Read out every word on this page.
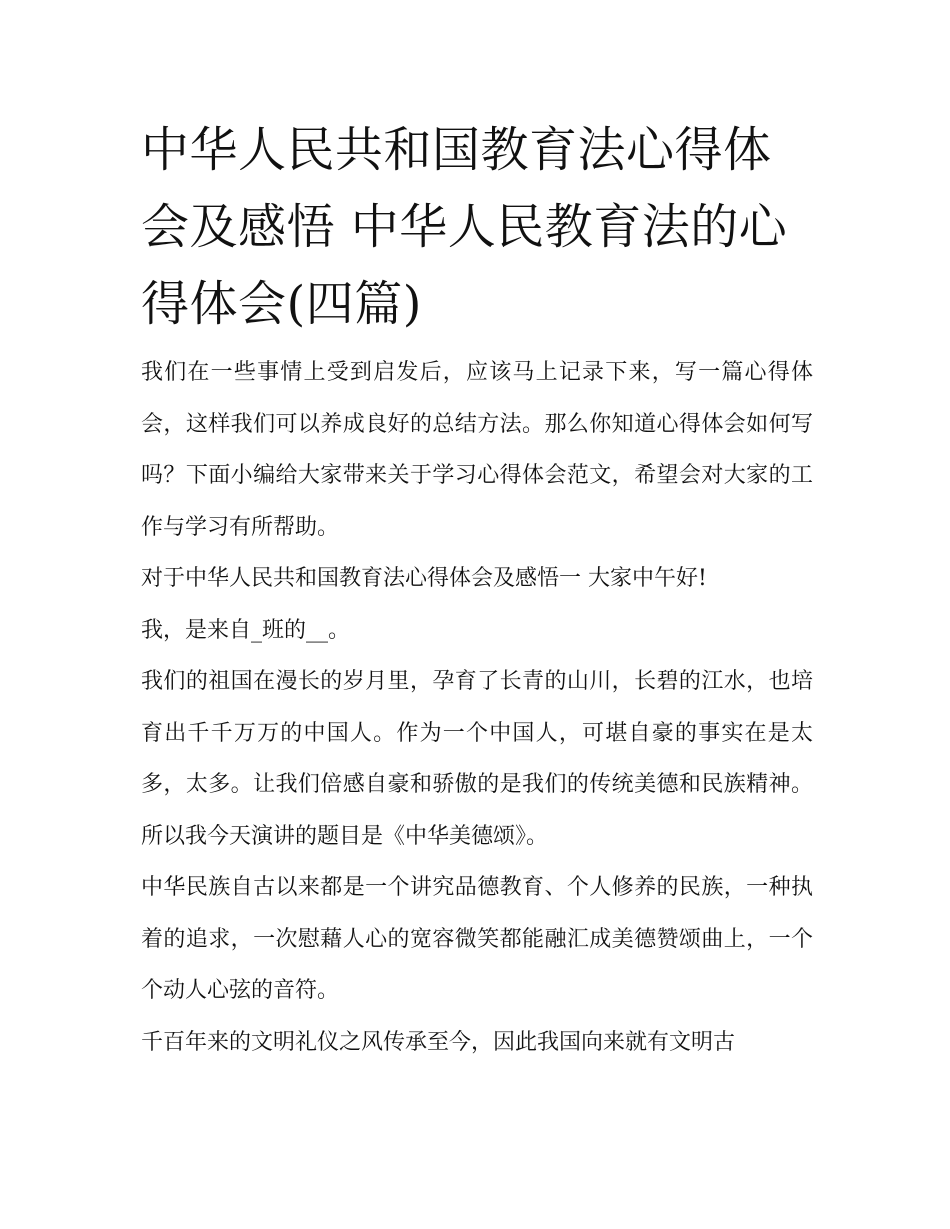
中华人民共和国教育法心得体会及感悟 中华人民教育法的心得体会(四篇)

我们在一些事情上受到启发后，应该马上记录下来，写一篇心得体会，这样我们可以养成良好的总结方法。那么你知道心得体会如何写吗？下面小编给大家带来关于学习心得体会范文，希望会对大家的工作与学习有所帮助。

对于中华人民共和国教育法心得体会及感悟一 大家中午好!

我，是来自_班的__。

我们的祖国在漫长的岁月里，孕育了长青的山川，长碧的江水，也培育出千千万万的中国人。作为一个中国人，可堪自豪的事实在是太多，太多。让我们倍感自豪和骄傲的是我们的传统美德和民族精神。所以我今天演讲的题目是《中华美德颂》。

中华民族自古以来都是一个讲究品德教育、个人修养的民族，一种执着的追求，一次慰藉人心的宽容微笑都能融汇成美德赞颂曲上，一个个动人心弦的音符。

千百年来的文明礼仪之风传承至今，因此我国向来就有文明古
